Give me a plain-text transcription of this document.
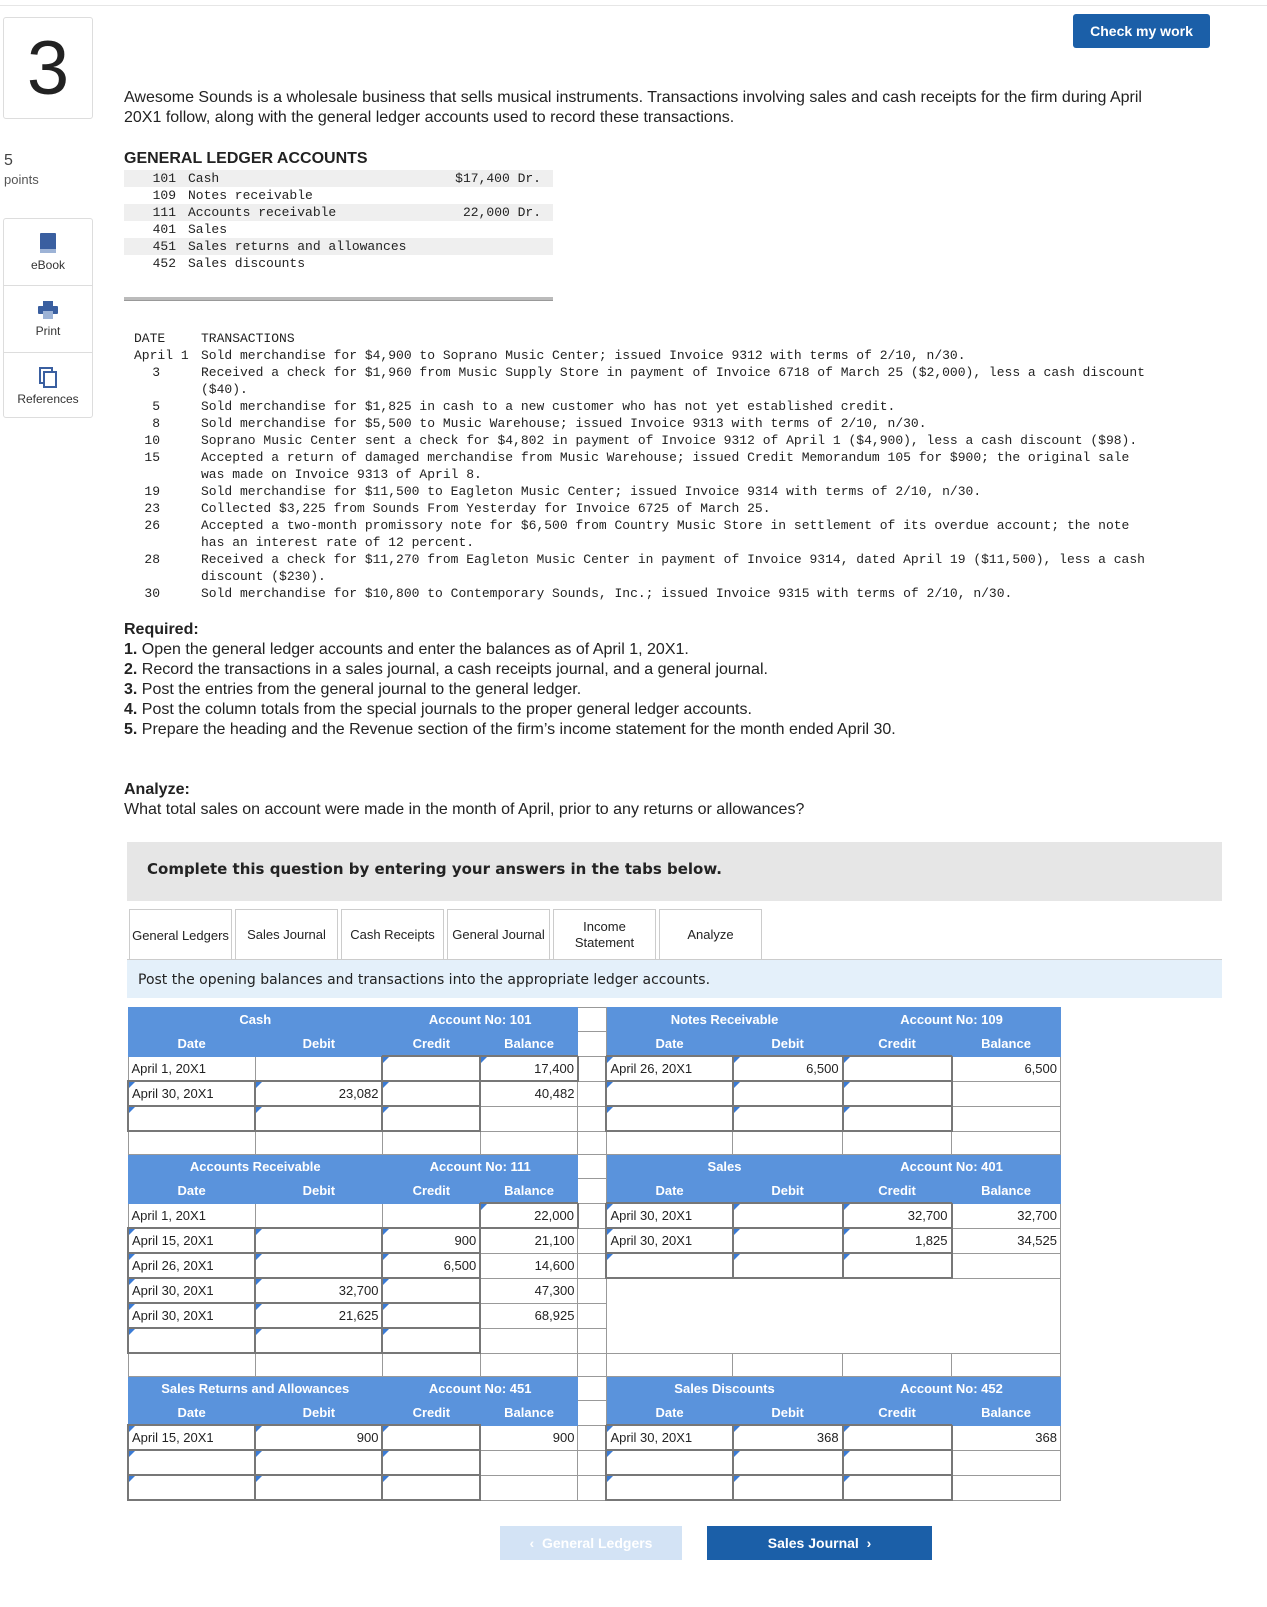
3
5
points
eBook
Print
References
Check my work
Awesome Sounds is a wholesale business that sells musical instruments. Transactions involving sales and cash receipts for the firm during April 20X1 follow, along with the general ledger accounts used to record these transactions.
GENERAL LEDGER ACCOUNTS
101	Cash	$17,400 Dr.
109	Notes receivable	
111	Accounts receivable	22,000 Dr.
401	Sales	
451	Sales returns and allowances	
452	Sales discounts	
DATE	TRANSACTIONS
April 1	Sold merchandise for $4,900 to Soprano Music Center; issued Invoice 9312 with terms of 2/10, n/30.
3	Received a check for $1,960 from Music Supply Store in payment of Invoice 6718 of March 25 ($2,000), less a cash discount ($40).
5	Sold merchandise for $1,825 in cash to a new customer who has not yet established credit.
8	Sold merchandise for $5,500 to Music Warehouse; issued Invoice 9313 with terms of 2/10, n/30.
10	Soprano Music Center sent a check for $4,802 in payment of Invoice 9312 of April 1 ($4,900), less a cash discount ($98).
15	Accepted a return of damaged merchandise from Music Warehouse; issued Credit Memorandum 105 for $900; the original sale was made on Invoice 9313 of April 8.
19	Sold merchandise for $11,500 to Eagleton Music Center; issued Invoice 9314 with terms of 2/10, n/30.
23	Collected $3,225 from Sounds From Yesterday for Invoice 6725 of March 25.
26	Accepted a two-month promissory note for $6,500 from Country Music Store in settlement of its overdue account; the note has an interest rate of 12 percent.
28	Received a check for $11,270 from Eagleton Music Center in payment of Invoice 9314, dated April 19 ($11,500), less a cash discount ($230).
30	Sold merchandise for $10,800 to Contemporary Sounds, Inc.; issued Invoice 9315 with terms of 2/10, n/30.
Required:
1. Open the general ledger accounts and enter the balances as of April 1, 20X1.
2. Record the transactions in a sales journal, a cash receipts journal, and a general journal.
3. Post the entries from the general journal to the general ledger.
4. Post the column totals from the special journals to the proper general ledger accounts.
5. Prepare the heading and the Revenue section of the firm’s income statement for the month ended April 30.
Analyze:
What total sales on account were made in the month of April, prior to any returns or allowances?
Complete this question by entering your answers in the tabs below.
General Ledgers	Sales Journal	Cash Receipts	General Journal
Income Statement
Analyze
Post the opening balances and transactions into the appropriate ledger accounts.
Cash		Account No: 101			Notes Receivable		Account No: 109	
Date	Debit	Credit	Balance		Date	Debit	Credit	Balance
April 1, 20X1			17,400		April 26, 20X1	6,500		6,500
April 30, 20X1	23,082		40,482					

Accounts Receivable		Account No: 111			Sales		Account No: 401	
Date	Debit	Credit	Balance		Date	Debit	Credit	Balance
April 1, 20X1			22,000		April 30, 20X1		32,700	32,700
April 15, 20X1		900	21,100		April 30, 20X1		1,825	34,525
April 26, 20X1		6,500	14,600					
April 30, 20X1	32,700		47,300					
April 30, 20X1	21,625		68,925					

Sales Returns and Allowances		Account No: 451			Sales Discounts		Account No: 452	
Date	Debit	Credit	Balance		Date	Debit	Credit	Balance
April 15, 20X1	900		900		April 30, 20X1	368		368

‹ General Ledgers	Sales Journal ›
